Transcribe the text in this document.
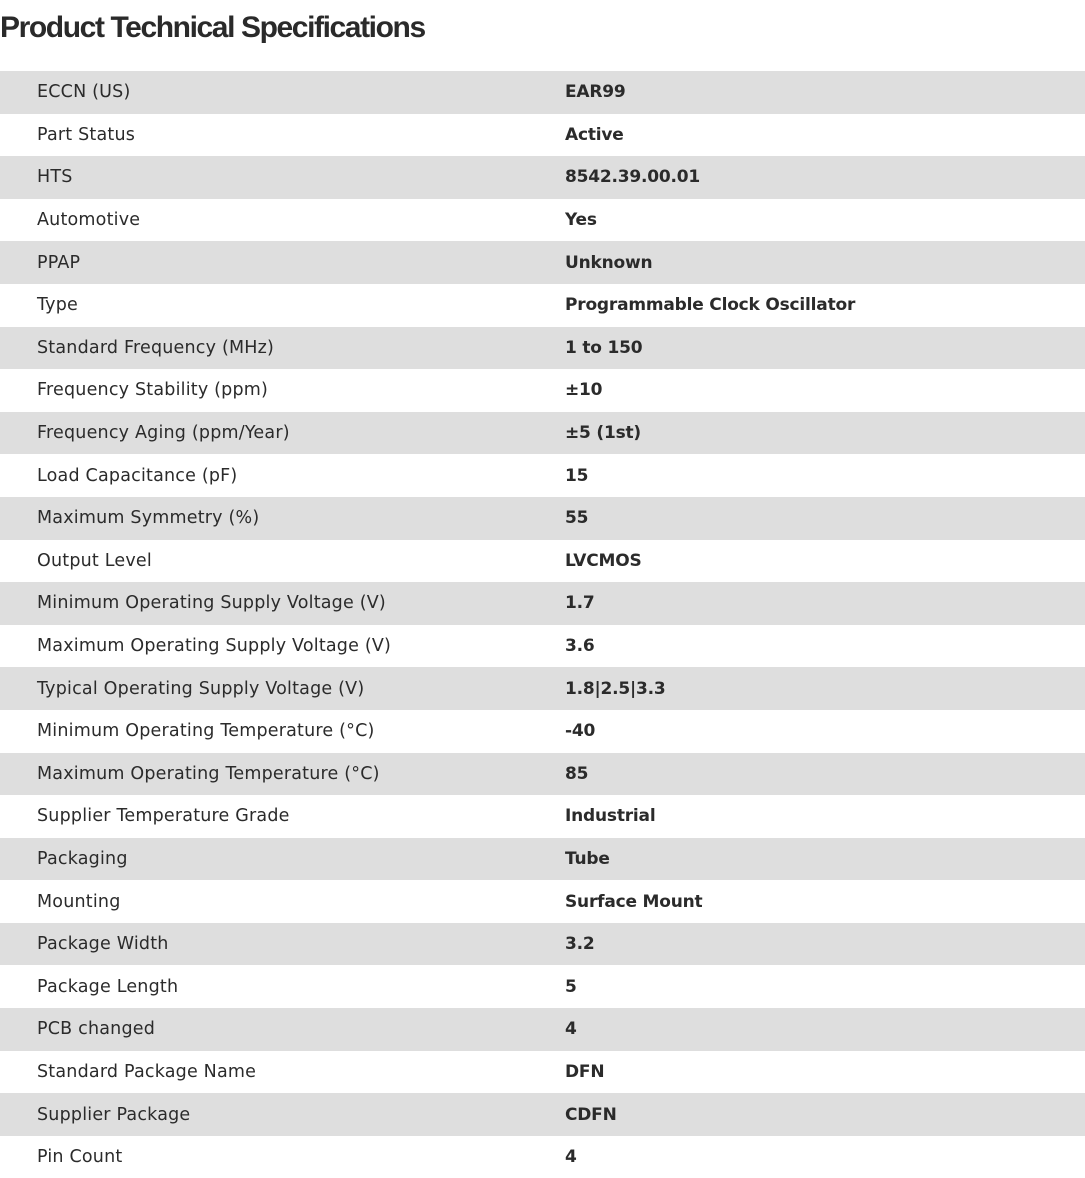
Product Technical Specifications
ECCN (US)	EAR99
Part Status	Active
HTS	8542.39.00.01
Automotive	Yes
PPAP	Unknown
Type	Programmable Clock Oscillator
Standard Frequency (MHz)	1 to 150
Frequency Stability (ppm)	±10
Frequency Aging (ppm/Year)	±5 (1st)
Load Capacitance (pF)	15
Maximum Symmetry (%)	55
Output Level	LVCMOS
Minimum Operating Supply Voltage (V)	1.7
Maximum Operating Supply Voltage (V)	3.6
Typical Operating Supply Voltage (V)	1.8|2.5|3.3
Minimum Operating Temperature (°C)	-40
Maximum Operating Temperature (°C)	85
Supplier Temperature Grade	Industrial
Packaging	Tube
Mounting	Surface Mount
Package Width	3.2
Package Length	5
PCB changed	4
Standard Package Name	DFN
Supplier Package	CDFN
Pin Count	4
